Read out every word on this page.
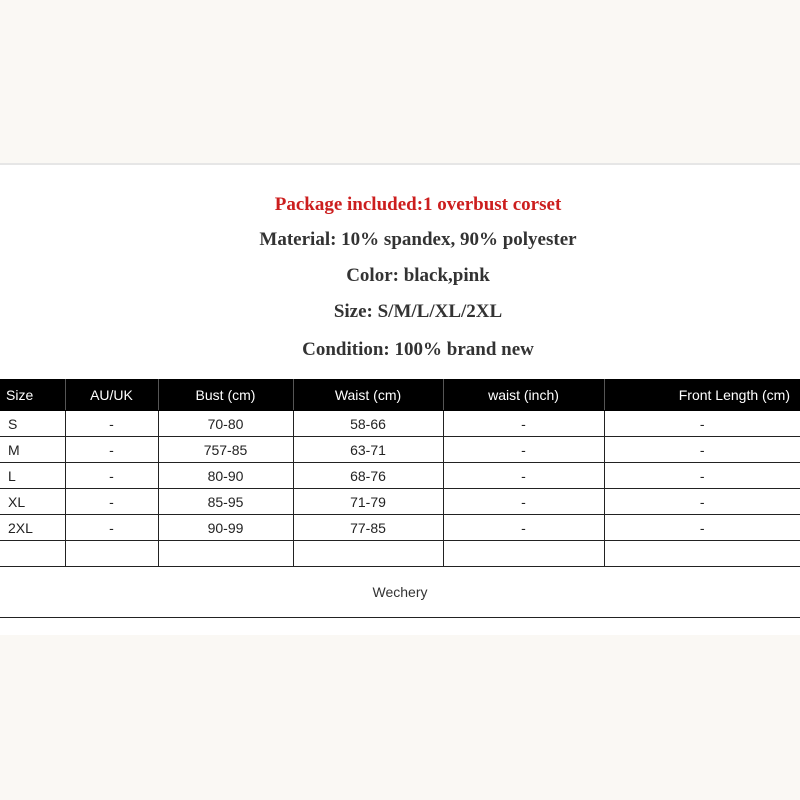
Package included:1 overbust corset
Material: 10% spandex, 90% polyester
Color: black,pink
Size: S/M/L/XL/2XL
Condition: 100% brand new
Size	AU/UK	Bust (cm)	Waist (cm)	waist (inch)	Front Length (cm)
S	-	70-80	58-66	-	-
M	-	757-85	63-71	-	-
L	-	80-90	68-76	-	-
XL	-	85-95	71-79	-	-
2XL	-	90-99	77-85	-	-

Wechery
